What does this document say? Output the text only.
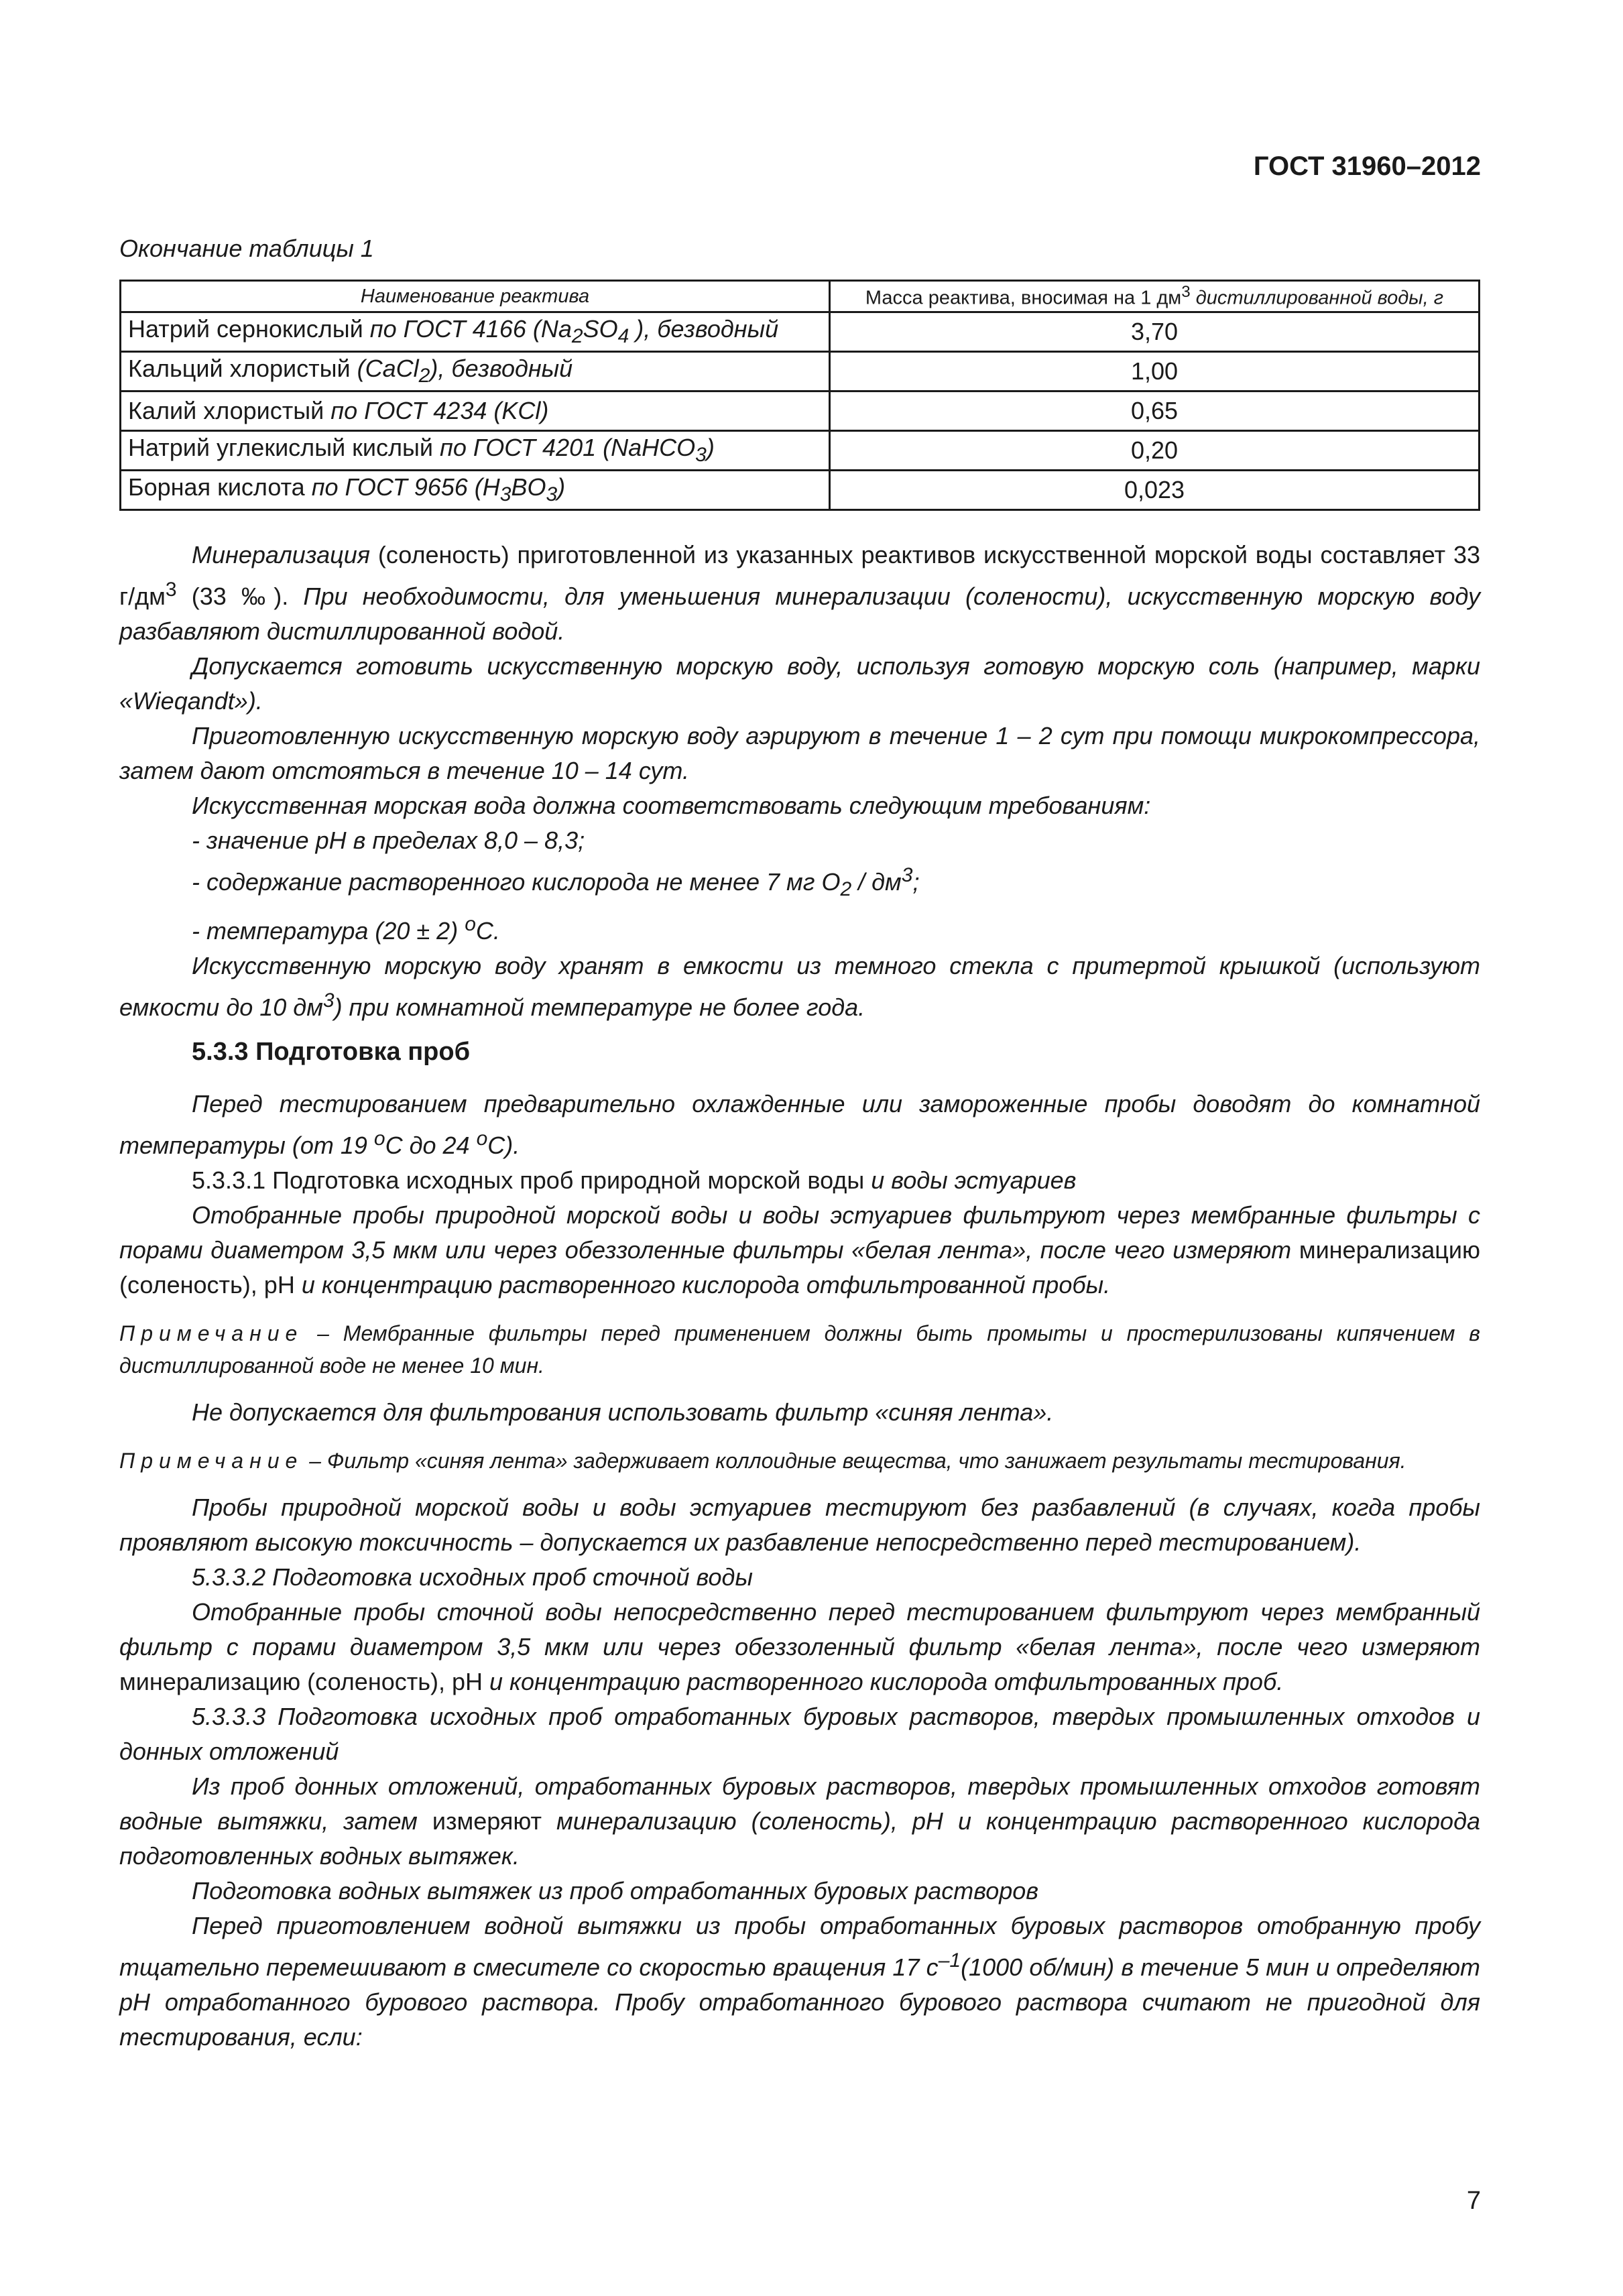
ГОСТ 31960–2012
Окончание таблицы 1
Наименование реактива	Масса реактива, вносимая на 1 $дм^3$ дистиллированной воды, г
Натрий сернокислый по ГОСТ 4166 ($Na_2SO_4$ ), безводный	3,70
Кальций хлористый (CaCl$_2$), безводный	1,00
Калий хлористый по ГОСТ 4234 (KCl)	0,65
Натрий углекислый кислый по ГОСТ 4201 (NaHCO$_3$)	0,20
Борная кислота по ГОСТ 9656 $(H_3BO_3)$	0,023

Минерализация (соленость) приготовленной из указанных реактивов искусственной морской воды составляет 33 $г/дм^3$ (33 ‰). При необходимости, для уменьшения минерализации (солености), искусственную морскую воду разбавляют дистиллированной водой.

Допускается готовить искусственную морскую воду, используя готовую морскую соль (например, марки «Wieqandt»).

Приготовленную искусственную морскую воду аэрируют в течение 1 – 2 сут при помощи микрокомпрессора, затем дают отстояться в течение 10 – 14 сут.

Искусственная морская вода должна соответствовать следующим требованиям:

- значение pH в пределах 8,0 – 8,3;

- содержание растворенного кислорода не менее 7 мг $O_2 / дм^3$;

- температура (20 ± 2) $^o$C.

Искусственную морскую воду хранят в емкости из темного стекла с притертой крышкой (используют емкости до 10 $дм^3$) при комнатной температуре не более года.

5.3.3 Подготовка проб

Перед тестированием предварительно охлажденные или замороженные пробы доводят до комнатной температуры (от 19 $^o$C до 24 $^o$C).

5.3.3.1 Подготовка исходных проб природной морской воды и воды эстуариев

Отобранные пробы природной морской воды и воды эстуариев фильтруют через мембранные фильтры с порами диаметром 3,5 мкм или через обеззоленные фильтры «белая лента», после чего измеряют минерализацию (соленость), pH и концентрацию растворенного кислорода отфильтрованной пробы.

Примечание – Мембранные фильтры перед применением должны быть промыты и простерилизованы кипячением в дистиллированной воде не менее 10 мин.

Не допускается для фильтрования использовать фильтр «синяя лента».

Примечание – Фильтр «синяя лента» задерживает коллоидные вещества, что занижает результаты тестирования.

Пробы природной морской воды и воды эстуариев тестируют без разбавлений (в случаях, когда пробы проявляют высокую токсичность – допускается их разбавление непосредственно перед тестированием).

5.3.3.2 Подготовка исходных проб сточной воды

Отобранные пробы сточной воды непосредственно перед тестированием фильтруют через мембранный фильтр с порами диаметром 3,5 мкм или через обеззоленный фильтр «белая лента», после чего измеряют минерализацию (соленость), pH и концентрацию растворенного кислорода отфильтрованных проб.

5.3.3.3 Подготовка исходных проб отработанных буровых растворов, твердых промышленных отходов и донных отложений

Из проб донных отложений, отработанных буровых растворов, твердых промышленных отходов готовят водные вытяжки, затем измеряют минерализацию (соленость), pH и концентрацию растворенного кислорода подготовленных водных вытяжек.

Подготовка водных вытяжек из проб отработанных буровых растворов

Перед приготовлением водной вытяжки из пробы отработанных буровых растворов отобранную пробу тщательно перемешивают в смесителе со скоростью вращения 17 $с^{-1}(1000$ об/мин) в течение 5 мин и определяют pH отработанного бурового раствора. Пробу отработанного бурового раствора считают не пригодной для тестирования, если:

7
